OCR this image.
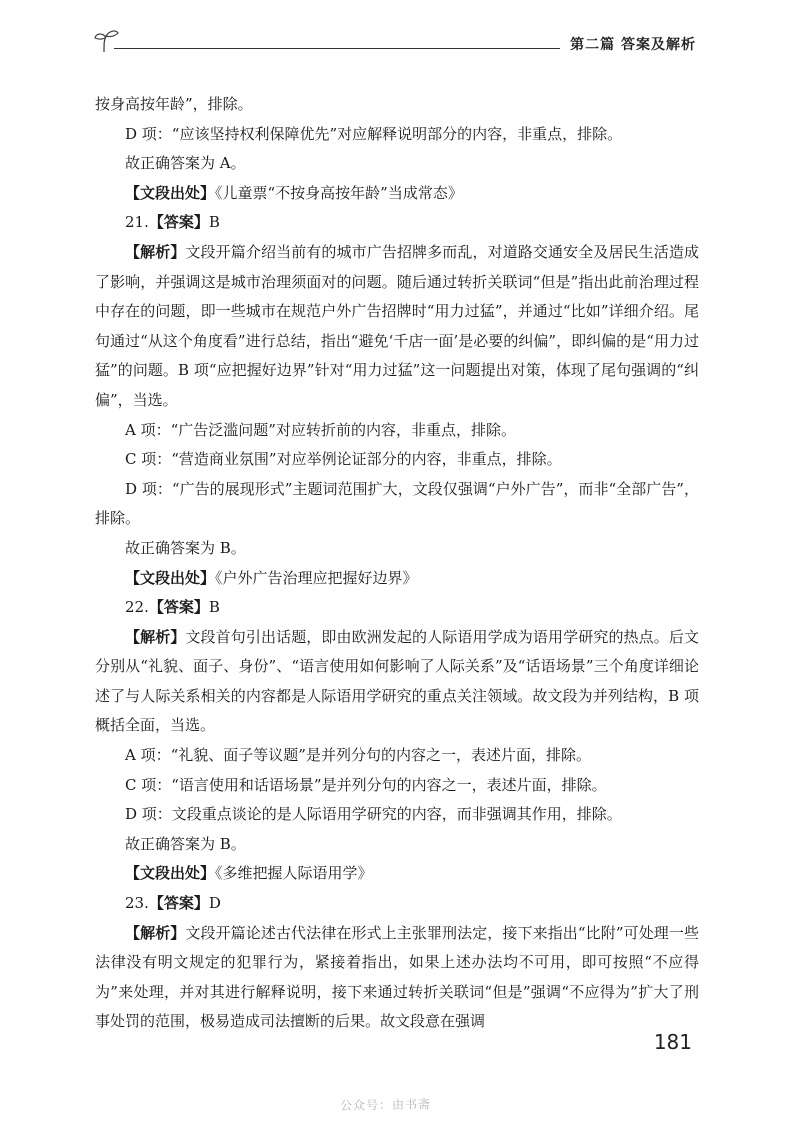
第二篇 答案及解析

按身高按年龄”，排除。

D 项：“应该坚持权利保障优先”对应解释说明部分的内容，非重点，排除。

故正确答案为 A。

【文段出处】《儿童票“不按身高按年龄”当成常态》

21.【答案】B

【解析】文段开篇介绍当前有的城市广告招牌多而乱，对道路交通安全及居民生活造成了影响，并强调这是城市治理须面对的问题。随后通过转折关联词“但是”指出此前治理过程中存在的问题，即一些城市在规范户外广告招牌时“用力过猛”，并通过“比如”详细介绍。尾句通过“从这个角度看”进行总结，指出“避免‘千店一面’是必要的纠偏”，即纠偏的是“用力过猛”的问题。B 项“应把握好边界”针对“用力过猛”这一问题提出对策，体现了尾句强调的“纠偏”，当选。

A 项：“广告泛滥问题”对应转折前的内容，非重点，排除。

C 项：“营造商业氛围”对应举例论证部分的内容，非重点，排除。

D 项：“广告的展现形式”主题词范围扩大，文段仅强调“户外广告”，而非“全部广告”，排除。

故正确答案为 B。

【文段出处】《户外广告治理应把握好边界》

22.【答案】B

【解析】文段首句引出话题，即由欧洲发起的人际语用学成为语用学研究的热点。后文分别从“礼貌、面子、身份”、“语言使用如何影响了人际关系”及“话语场景”三个角度详细论述了与人际关系相关的内容都是人际语用学研究的重点关注领域。故文段为并列结构，B 项概括全面，当选。

A 项：“礼貌、面子等议题”是并列分句的内容之一，表述片面，排除。

C 项：“语言使用和话语场景”是并列分句的内容之一，表述片面，排除。

D 项：文段重点谈论的是人际语用学研究的内容，而非强调其作用，排除。

故正确答案为 B。

【文段出处】《多维把握人际语用学》

23.【答案】D

【解析】文段开篇论述古代法律在形式上主张罪刑法定，接下来指出“比附”可处理一些法律没有明文规定的犯罪行为，紧接着指出，如果上述办法均不可用，即可按照“不应得为”来处理，并对其进行解释说明，接下来通过转折关联词“但是”强调“不应得为”扩大了刑事处罚的范围，极易造成司法擅断的后果。故文段意在强调

181
公众号：由书斋
